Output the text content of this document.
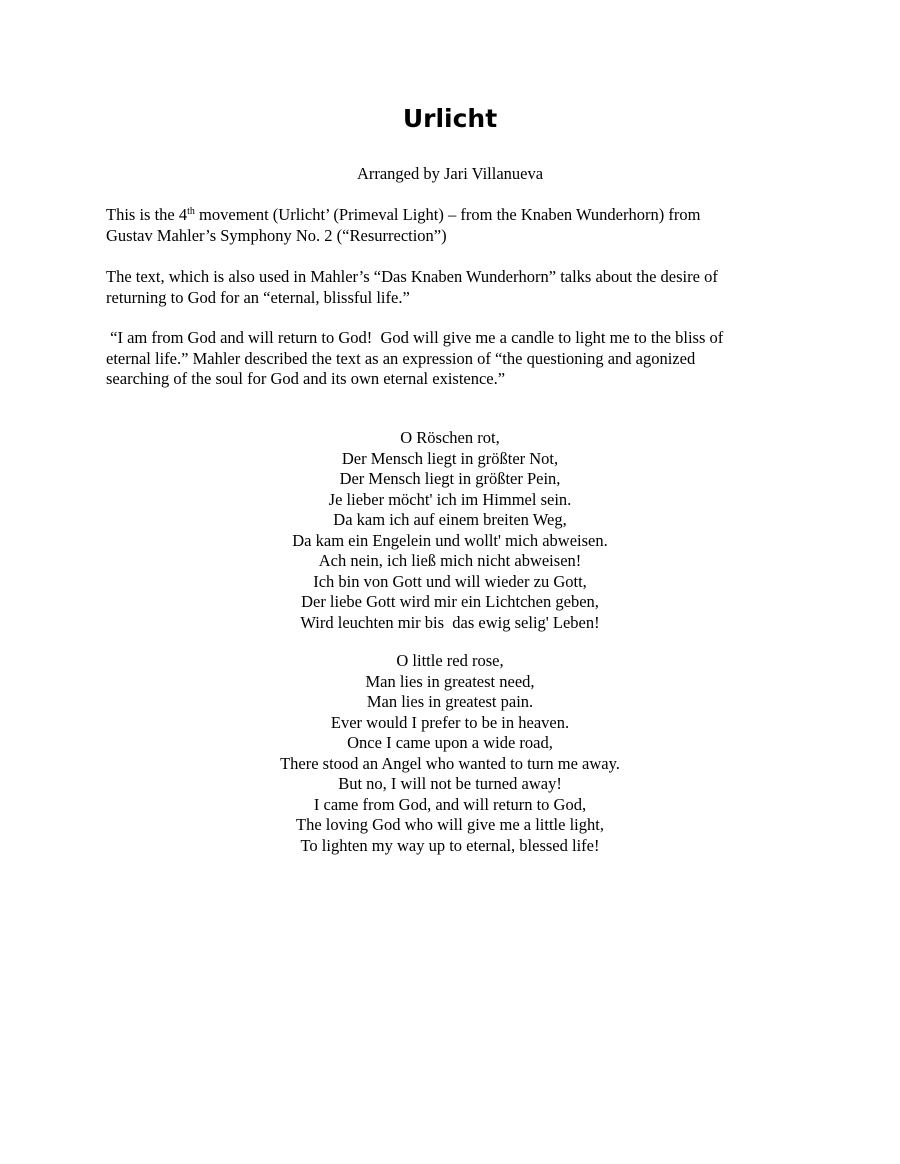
Urlicht

Arranged by Jari Villanueva

This is the 4th movement (Urlicht’ (Primeval Light) – from the Knaben Wunderhorn) from
Gustav Mahler’s Symphony No. 2 (“Resurrection”)

The text, which is also used in Mahler’s “Das Knaben Wunderhorn” talks about the desire of
returning to God for an “eternal, blissful life.”

“I am from God and will return to God!  God will give me a candle to light me to the bliss of
eternal life.” Mahler described the text as an expression of “the questioning and agonized
searching of the soul for God and its own eternal existence.”

O Röschen rot,
Der Mensch liegt in größter Not,
Der Mensch liegt in größter Pein,
Je lieber möcht' ich im Himmel sein.
Da kam ich auf einem breiten Weg,
Da kam ein Engelein und wollt' mich abweisen.
Ach nein, ich ließ mich nicht abweisen!
Ich bin von Gott und will wieder zu Gott,
Der liebe Gott wird mir ein Lichtchen geben,
Wird leuchten mir bis  das ewig selig' Leben!
O little red rose,
Man lies in greatest need,
Man lies in greatest pain.
Ever would I prefer to be in heaven.
Once I came upon a wide road,
There stood an Angel who wanted to turn me away.
But no, I will not be turned away!
I came from God, and will return to God,
The loving God who will give me a little light,
To lighten my way up to eternal, blessed life!
